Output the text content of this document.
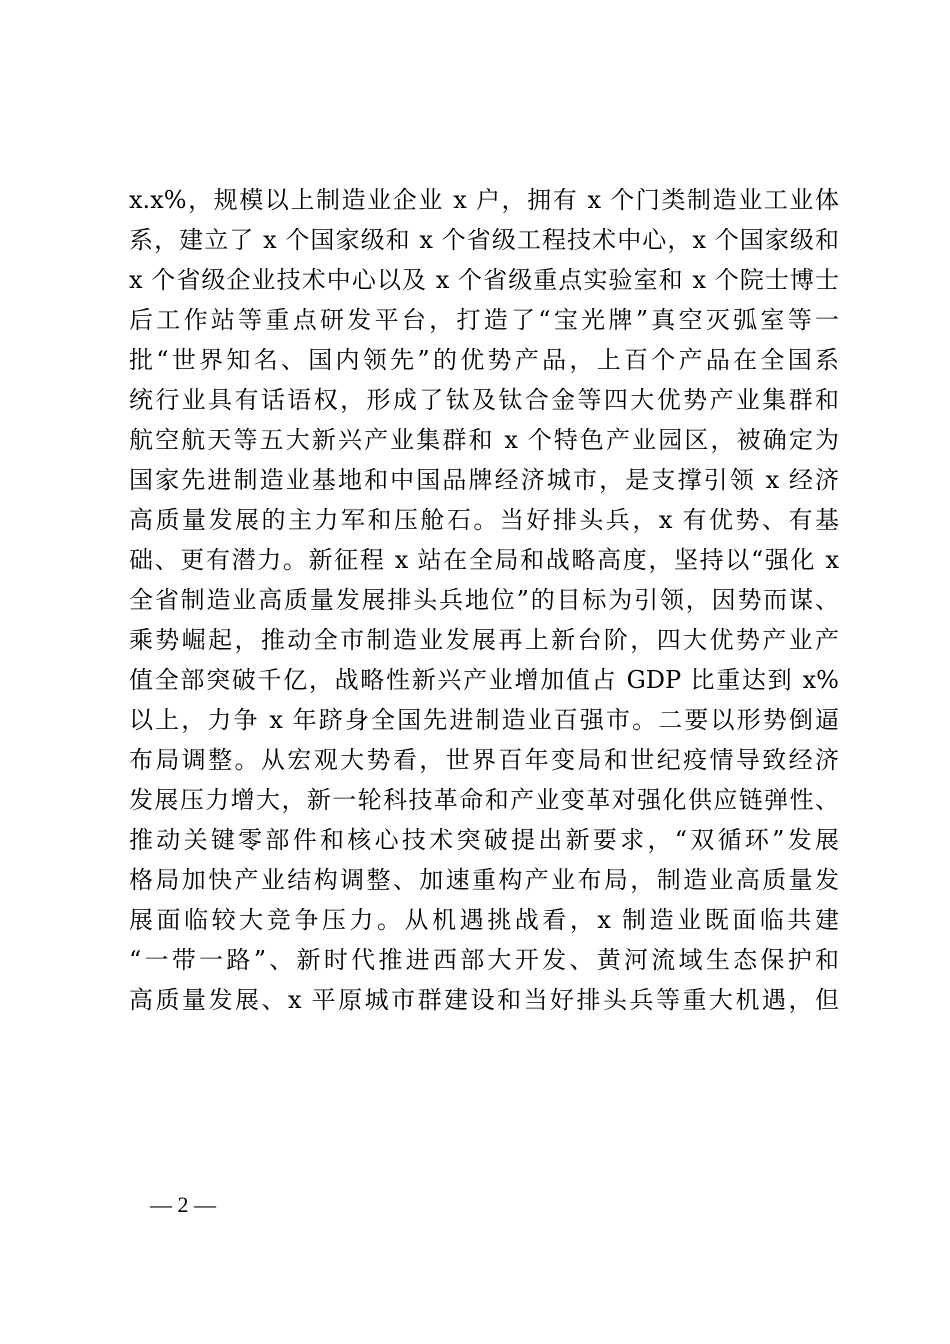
x.x%，规模以上制造业企业 x 户，拥有 x 个门类制造业工业体
系，建立了 x 个国家级和 x 个省级工程技术中心，x 个国家级和
x 个省级企业技术中心以及 x 个省级重点实验室和 x 个院士博士
后工作站等重点研发平台，打造了“宝光牌”真空灭弧室等一
批“世界知名、国内领先”的优势产品，上百个产品在全国系
统行业具有话语权，形成了钛及钛合金等四大优势产业集群和
航空航天等五大新兴产业集群和 x 个特色产业园区，被确定为
国家先进制造业基地和中国品牌经济城市，是支撑引领 x 经济
高质量发展的主力军和压舱石。当好排头兵，x 有优势、有基
础、更有潜力。新征程 x 站在全局和战略高度，坚持以“强化 x
全省制造业高质量发展排头兵地位”的目标为引领，因势而谋、
乘势崛起，推动全市制造业发展再上新台阶，四大优势产业产
值全部突破千亿，战略性新兴产业增加值占 GDP 比重达到 x%
以上，力争 x 年跻身全国先进制造业百强市。二要以形势倒逼
布局调整。从宏观大势看，世界百年变局和世纪疫情导致经济
发展压力增大，新一轮科技革命和产业变革对强化供应链弹性、
推动关键零部件和核心技术突破提出新要求，“双循环”发展
格局加快产业结构调整、加速重构产业布局，制造业高质量发
展面临较大竞争压力。从机遇挑战看，x 制造业既面临共建
“一带一路”、新时代推进西部大开发、黄河流域生态保护和
高质量发展、x 平原城市群建设和当好排头兵等重大机遇，但
— 2 —
